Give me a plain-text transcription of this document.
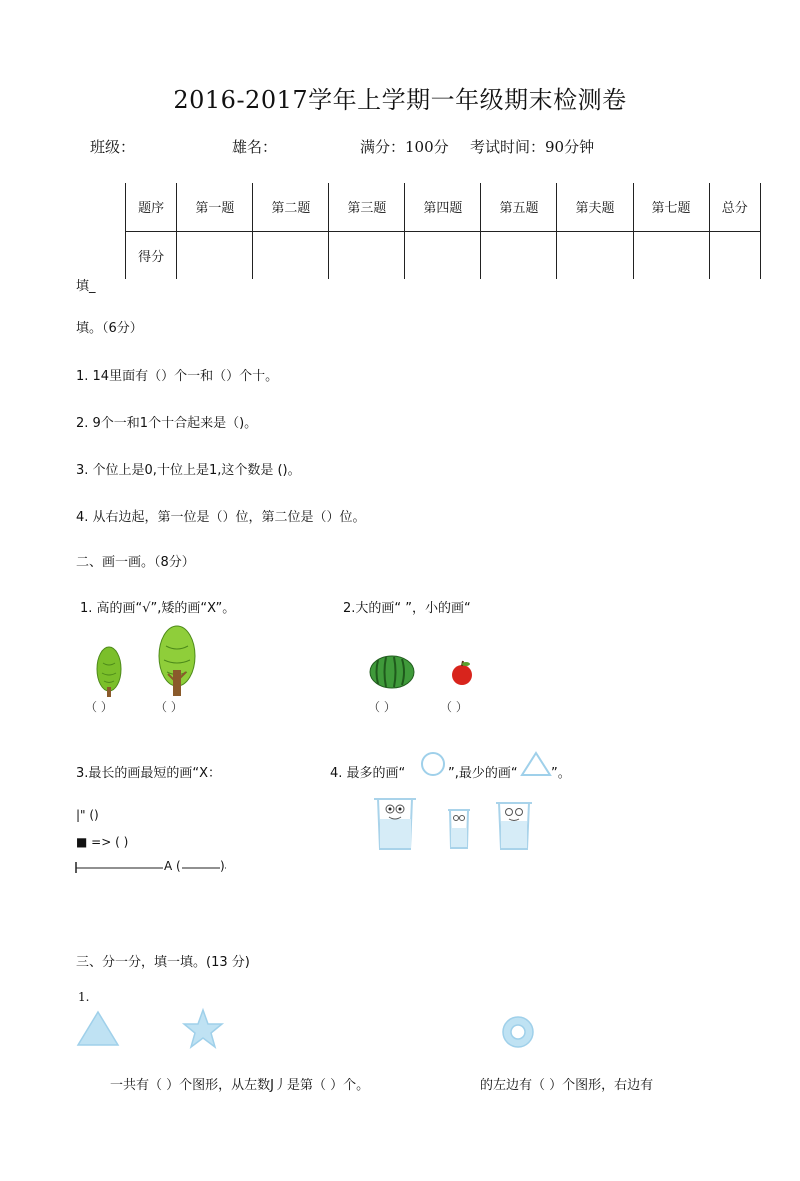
2016-2017学年上学期一年级期末检测卷
班级：	雄名：	满分：100分 考试时间：90分钟
题序	第一题	第二题	第三题	第四题	第五题	第夫题	第七题	总分
得分								
填_
填。（6分）
1. 14里面有（）个一和（）个十。
2. 9个一和1个十合起来是（)。
3. 个位上是0,十位上是1,这个数是 ()。
4. 从右边起，第一位是（）位，第二位是（）位。
二、画一画。（8分）
1. 高的画“√”,矮的画“X”。	2.大的画“ ”，小的画“
（ ）	（ ）	（ ）	（ ）
3.最长的画最短的画“X：	4. 最多的画“	”,最少的画“	”。
|" ()
■ => ( )
A (	)
三、分一分，填一填。(13 分)
1.
一共有（ ）个图形，从左数J丿是第（ ）个。	的左边有（ ）个图形，右边有
